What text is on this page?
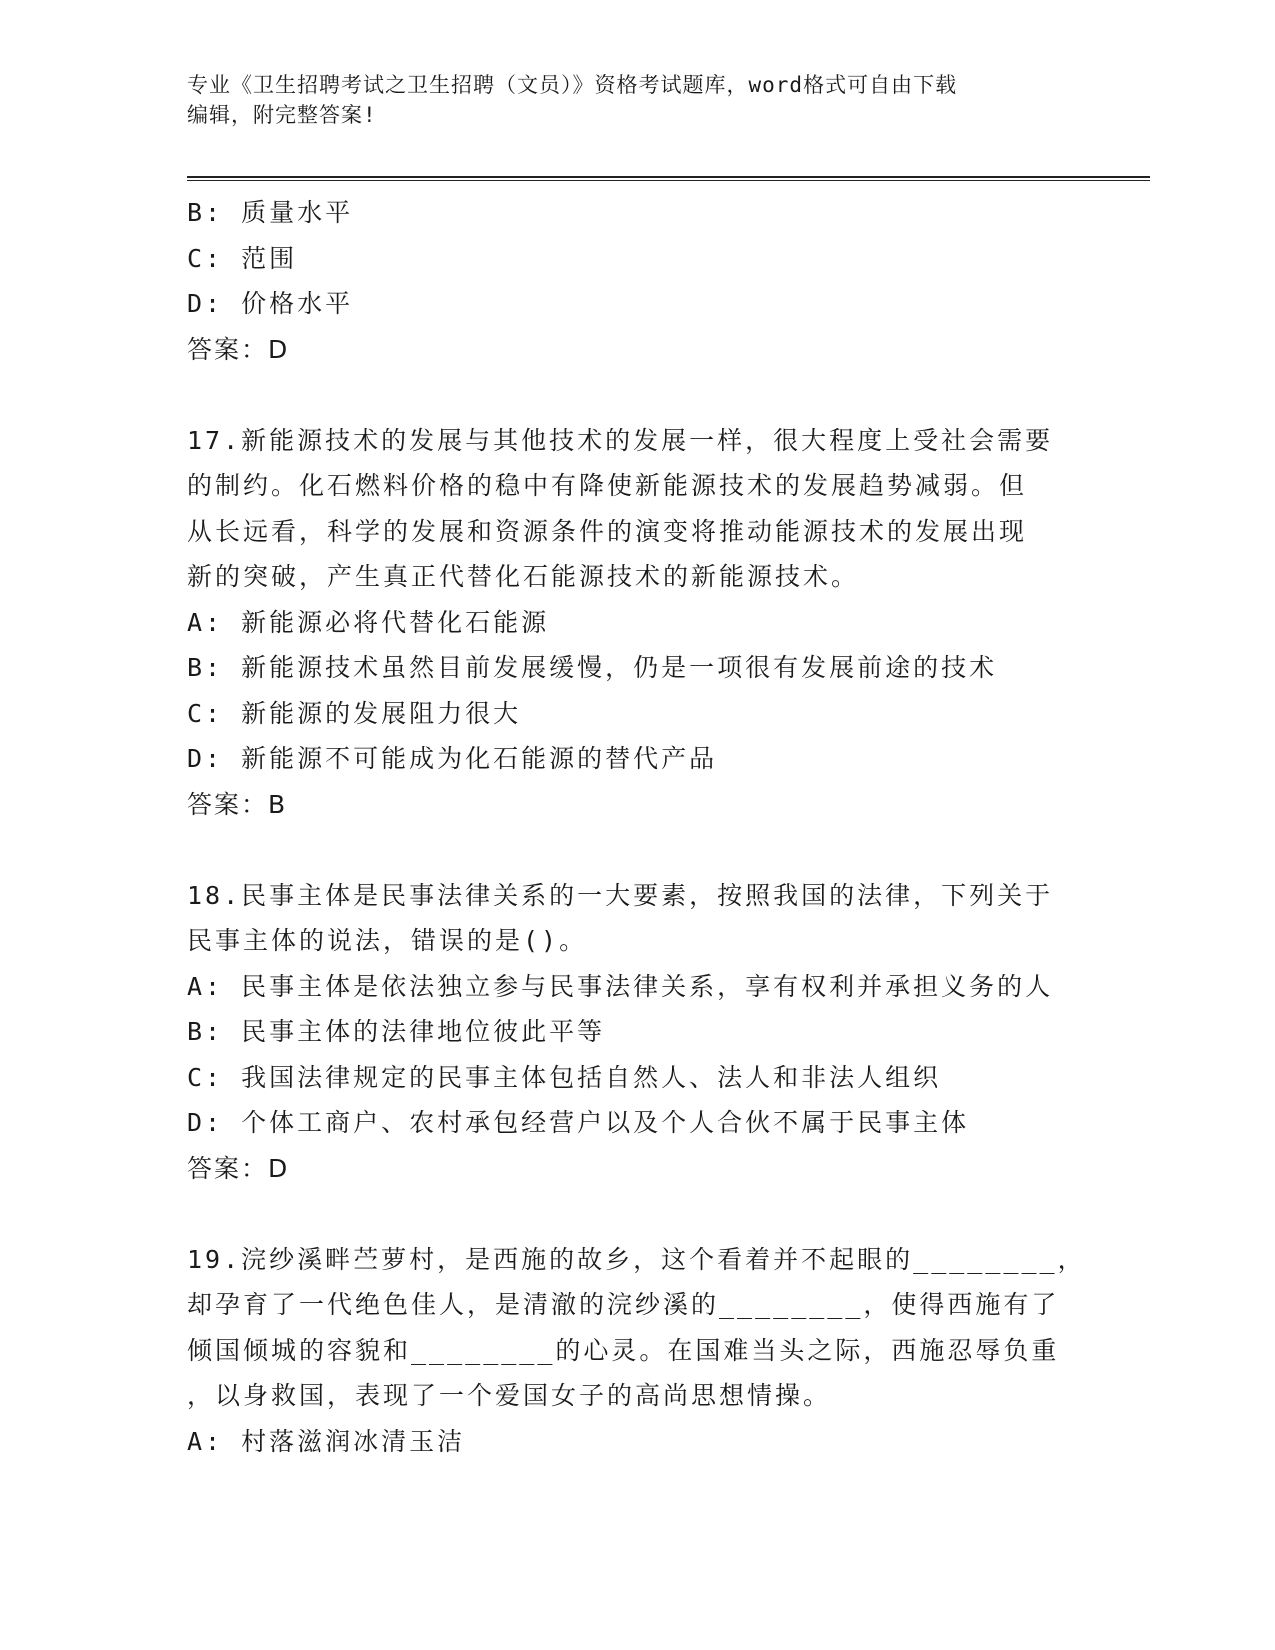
专业《卫生招聘考试之卫生招聘（文员）》资格考试题库，word格式可自由下载
编辑，附完整答案!
B: 质量水平
C: 范围
D: 价格水平
答案：D
17.新能源技术的发展与其他技术的发展一样，很大程度上受社会需要
的制约。化石燃料价格的稳中有降使新能源技术的发展趋势减弱。但
从长远看，科学的发展和资源条件的演变将推动能源技术的发展出现
新的突破，产生真正代替化石能源技术的新能源技术。
A: 新能源必将代替化石能源
B: 新能源技术虽然目前发展缓慢，仍是一项很有发展前途的技术
C: 新能源的发展阻力很大
D: 新能源不可能成为化石能源的替代产品
答案：B
18.民事主体是民事法律关系的一大要素，按照我国的法律，下列关于
民事主体的说法，错误的是()。
A: 民事主体是依法独立参与民事法律关系，享有权利并承担义务的人
B: 民事主体的法律地位彼此平等
C: 我国法律规定的民事主体包括自然人、法人和非法人组织
D: 个体工商户、农村承包经营户以及个人合伙不属于民事主体
答案：D
19.浣纱溪畔苎萝村，是西施的故乡，这个看着并不起眼的________，
却孕育了一代绝色佳人，是清澈的浣纱溪的________，使得西施有了
倾国倾城的容貌和________的心灵。在国难当头之际，西施忍辱负重
，以身救国，表现了一个爱国女子的高尚思想情操。
A: 村落滋润冰清玉洁
